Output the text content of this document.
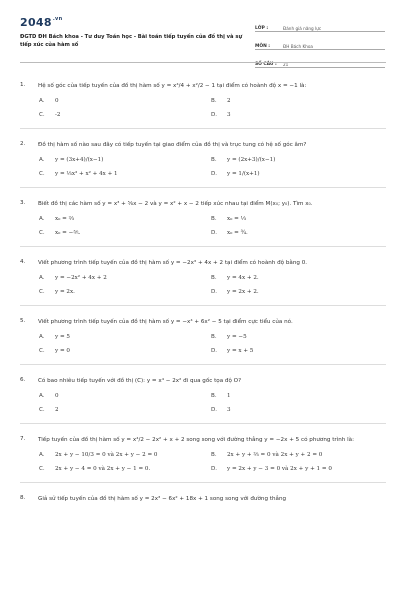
$2048^{.vn}$
ĐGTD ĐH Bách khoa - Tư duy Toán học - Bài toán tiếp tuyến của đồ thị và sự tiếp xúc của hàm số
LỚP :	Đánh giá năng lực
MÔN :	ĐH Bách Khoa
SỐ CÂU :	21
1. Hệ số góc của tiếp tuyến của đồ thị hàm số y = x⁴/4 + x²/2 − 1 tại điểm có hoành độ x = −1 là:
A.	0	B.	2
C.	-2	D.	3
2. Đồ thị hàm số nào sau đây có tiếp tuyến tại giao điểm của đồ thị và trục tung có hệ số góc âm?
A.	y = (3x+4)/(x−1)	B.	y = (2x+3)/(x−1)
C.	y = ⅓x³ + x² + 4x + 1	D.	y = 1/(x+1)
3. Biết đồ thị các hàm số y = x³ + ⅝x − 2 và y = x² + x − 2 tiếp xúc nhau tại điểm M(x₀; y₀). Tìm x₀.
A.	x₀ = ⅔	B.	x₀ = ⅓
C.	x₀ = −⅗.	D.	x₀ = ¾.
4. Viết phương trình tiếp tuyến của đồ thị hàm số y = −2x³ + 4x + 2 tại điểm có hoành độ bằng 0.
A.	y = −2x² + 4x + 2	B.	y = 4x + 2.
C.	y = 2x.	D.	y = 2x + 2.
5. Viết phương trình tiếp tuyến của đồ thị hàm số y = −x⁴ + 6x² − 5 tại điểm cực tiểu của nó.
A.	y = 5	B.	y = −5
C.	y = 0	D.	y = x + 5
6. Có bao nhiêu tiếp tuyến với đồ thị (C): y = x⁴ − 2x² đi qua gốc tọa độ O?
A.	0	B.	1
C.	2	D.	3
7. Tiếp tuyến của đồ thị hàm số y = x⁴/2 − 2x² + x + 2 song song với đường thẳng y = −2x + 5 có phương trình là:
A.	2x + y − 10/3 = 0 và 2x + y − 2 = 0	B.	2x + y + ⅔ = 0 và 2x + y + 2 = 0
C.	2x + y − 4 = 0 và 2x + y − 1 = 0.	D.	y = 2x + y − 3 = 0 và 2x + y + 1 = 0
8. Giả sử tiếp tuyến của đồ thị hàm số y = 2x³ − 6x² + 18x + 1 song song với đường thẳng
